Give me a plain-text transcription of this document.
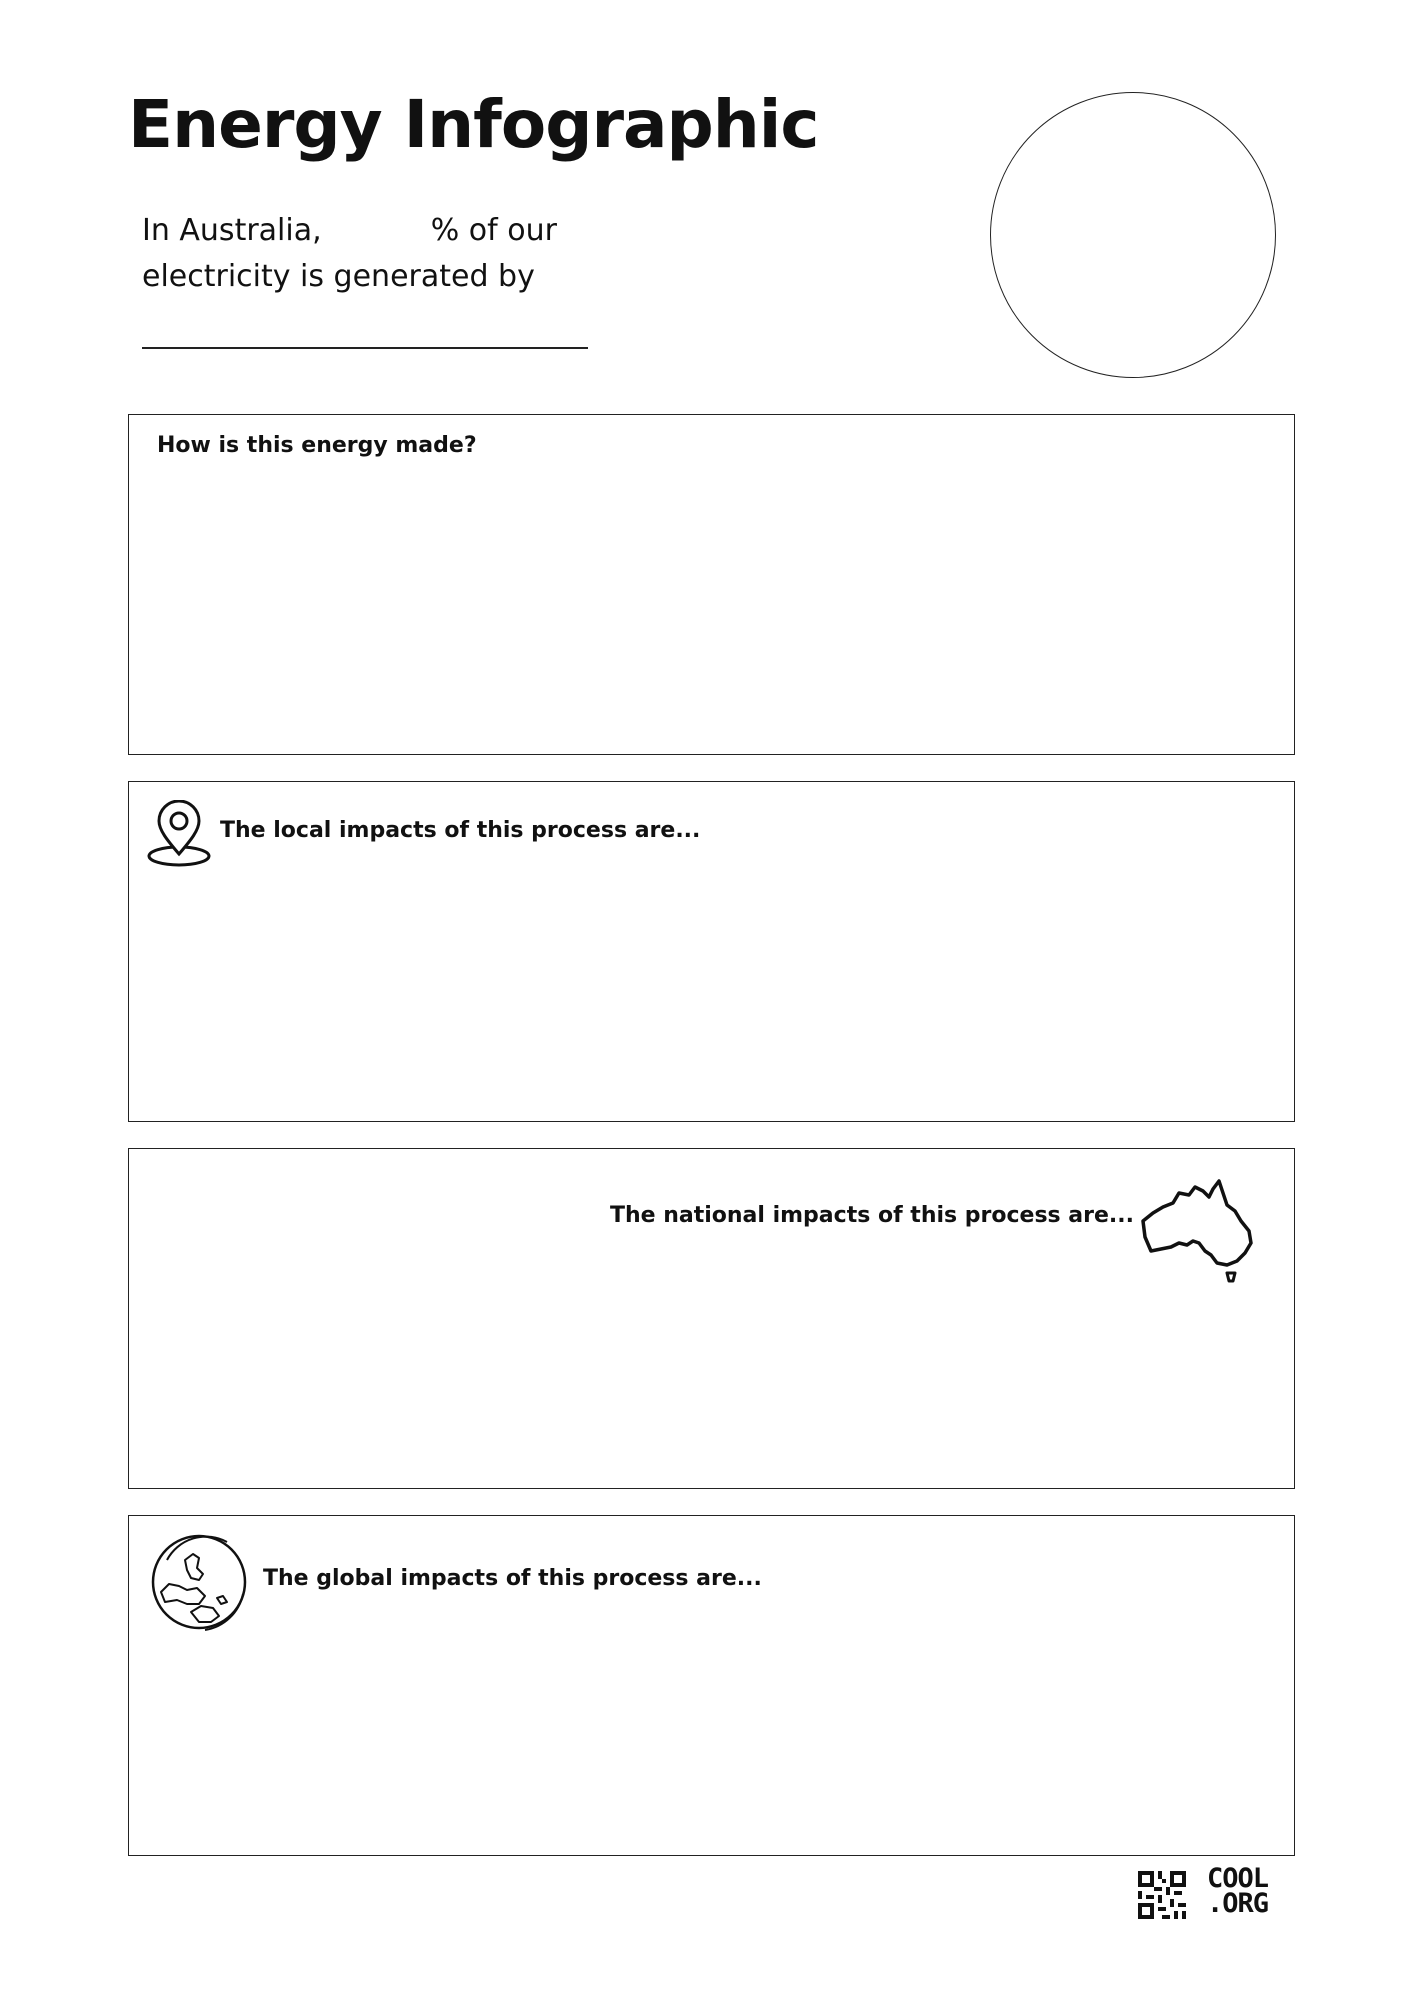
Energy Infographic
In Australia,	% of our electricity is generated by
How is this energy made?
The local impacts of this process are...
The national impacts of this process are...
The global impacts of this process are...
COOL
.ORG
